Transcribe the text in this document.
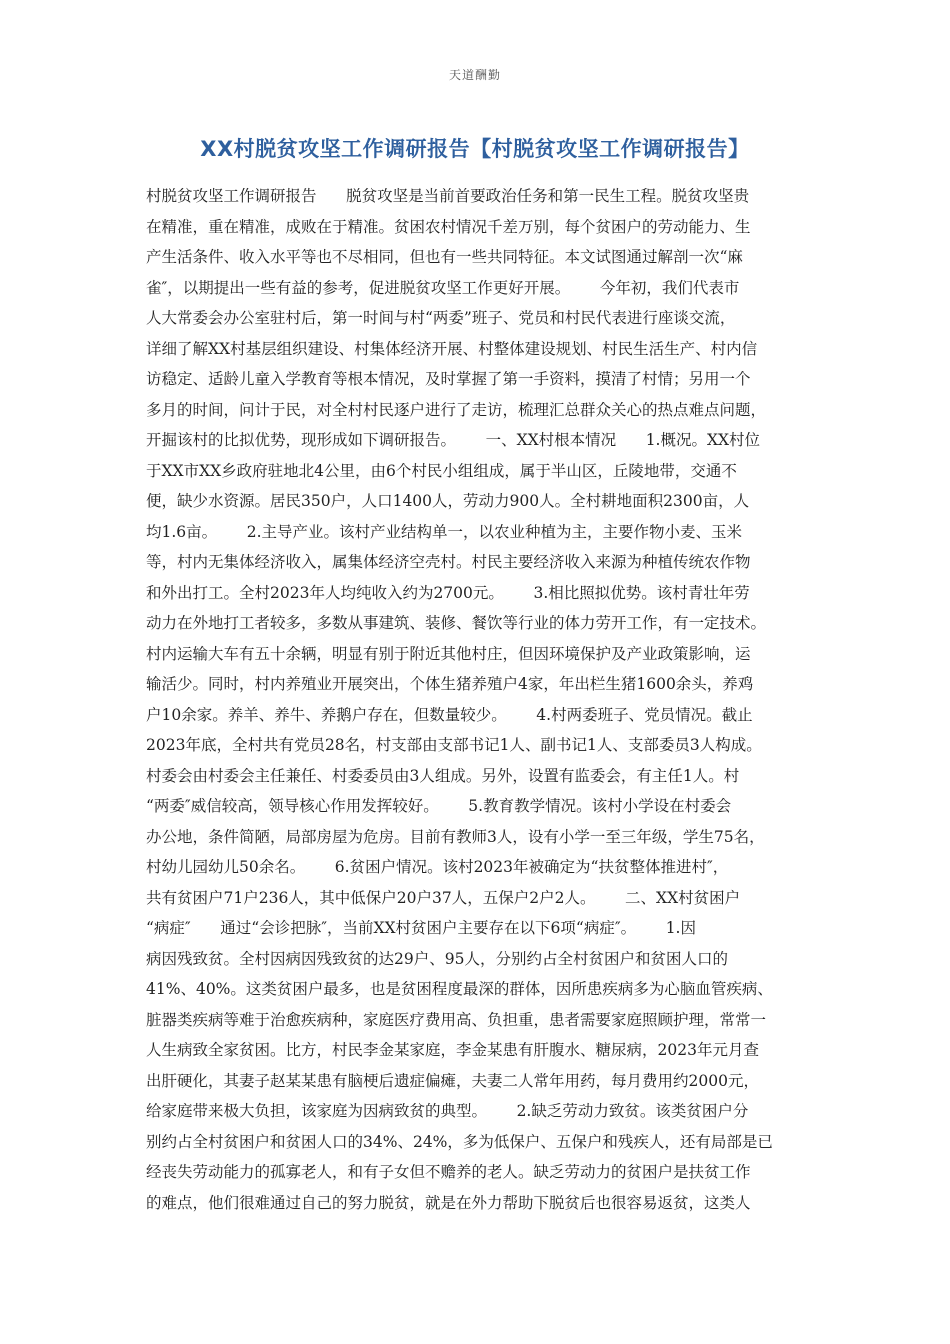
天道酬勤
XX村脱贫攻坚工作调研报告【村脱贫攻坚工作调研报告】
村脱贫攻坚工作调研报告      脱贫攻坚是当前首要政治任务和第一民生工程。脱贫攻坚贵
在精准，重在精准，成败在于精准。贫困农村情况千差万别，每个贫困户的劳动能力、生
产生活条件、收入水平等也不尽相同，但也有一些共同特征。本文试图通过解剖一次“麻
雀″，以期提出一些有益的参考，促进脱贫攻坚工作更好开展。      今年初，我们代表市
人大常委会办公室驻村后，第一时间与村“两委”班子、党员和村民代表进行座谈交流，
详细了解XX村基层组织建设、村集体经济开展、村整体建设规划、村民生活生产、村内信
访稳定、适龄儿童入学教育等根本情况，及时掌握了第一手资料，摸清了村情；另用一个
多月的时间，问计于民，对全村村民逐户进行了走访，梳理汇总群众关心的热点难点问题，
开掘该村的比拟优势，现形成如下调研报告。      一、XX村根本情况      1.概况。XX村位
于XX市XX乡政府驻地北4公里，由6个村民小组组成，属于半山区，丘陵地带，交通不
便，缺少水资源。居民350户，人口1400人，劳动力900人。全村耕地面积2300亩，人
均1.6亩。      2.主导产业。该村产业结构单一，以农业种植为主，主要作物小麦、玉米
等，村内无集体经济收入，属集体经济空壳村。村民主要经济收入来源为种植传统农作物
和外出打工。全村2023年人均纯收入约为2700元。      3.相比照拟优势。该村青壮年劳
动力在外地打工者较多，多数从事建筑、装修、餐饮等行业的体力劳开工作，有一定技术。
村内运输大车有五十余辆，明显有别于附近其他村庄，但因环境保护及产业政策影响，运
输活少。同时，村内养殖业开展突出，个体生猪养殖户4家，年出栏生猪1600余头，养鸡
户10余家。养羊、养牛、养鹅户存在，但数量较少。      4.村两委班子、党员情况。截止
2023年底，全村共有党员28名，村支部由支部书记1人、副书记1人、支部委员3人构成。
村委会由村委会主任兼任、村委委员由3人组成。另外，设置有监委会，有主任1人。村
“两委″威信较高，领导核心作用发挥较好。      5.教育教学情况。该村小学设在村委会
办公地，条件简陋，局部房屋为危房。目前有教师3人，设有小学一至三年级，学生75名，
村幼儿园幼儿50余名。      6.贫困户情况。该村2023年被确定为“扶贫整体推进村″，
共有贫困户71户236人，其中低保户20户37人，五保户2户2人。      二、XX村贫困户
“病症″      通过“会诊把脉″，当前XX村贫困户主要存在以下6项“病症″。      1.因
病因残致贫。全村因病因残致贫的达29户、95人，分别约占全村贫困户和贫困人口的
41%、40%。这类贫困户最多，也是贫困程度最深的群体，因所患疾病多为心脑血管疾病、
脏器类疾病等难于治愈疾病种，家庭医疗费用高、负担重，患者需要家庭照顾护理，常常一
人生病致全家贫困。比方，村民李金某家庭，李金某患有肝腹水、糖尿病，2023年元月查
出肝硬化，其妻子赵某某患有脑梗后遗症偏瘫，夫妻二人常年用药，每月费用约2000元，
给家庭带来极大负担，该家庭为因病致贫的典型。      2.缺乏劳动力致贫。该类贫困户分
别约占全村贫困户和贫困人口的34%、24%，多为低保户、五保户和残疾人，还有局部是已
经丧失劳动能力的孤寡老人，和有子女但不赡养的老人。缺乏劳动力的贫困户是扶贫工作
的难点，他们很难通过自己的努力脱贫，就是在外力帮助下脱贫后也很容易返贫，这类人
